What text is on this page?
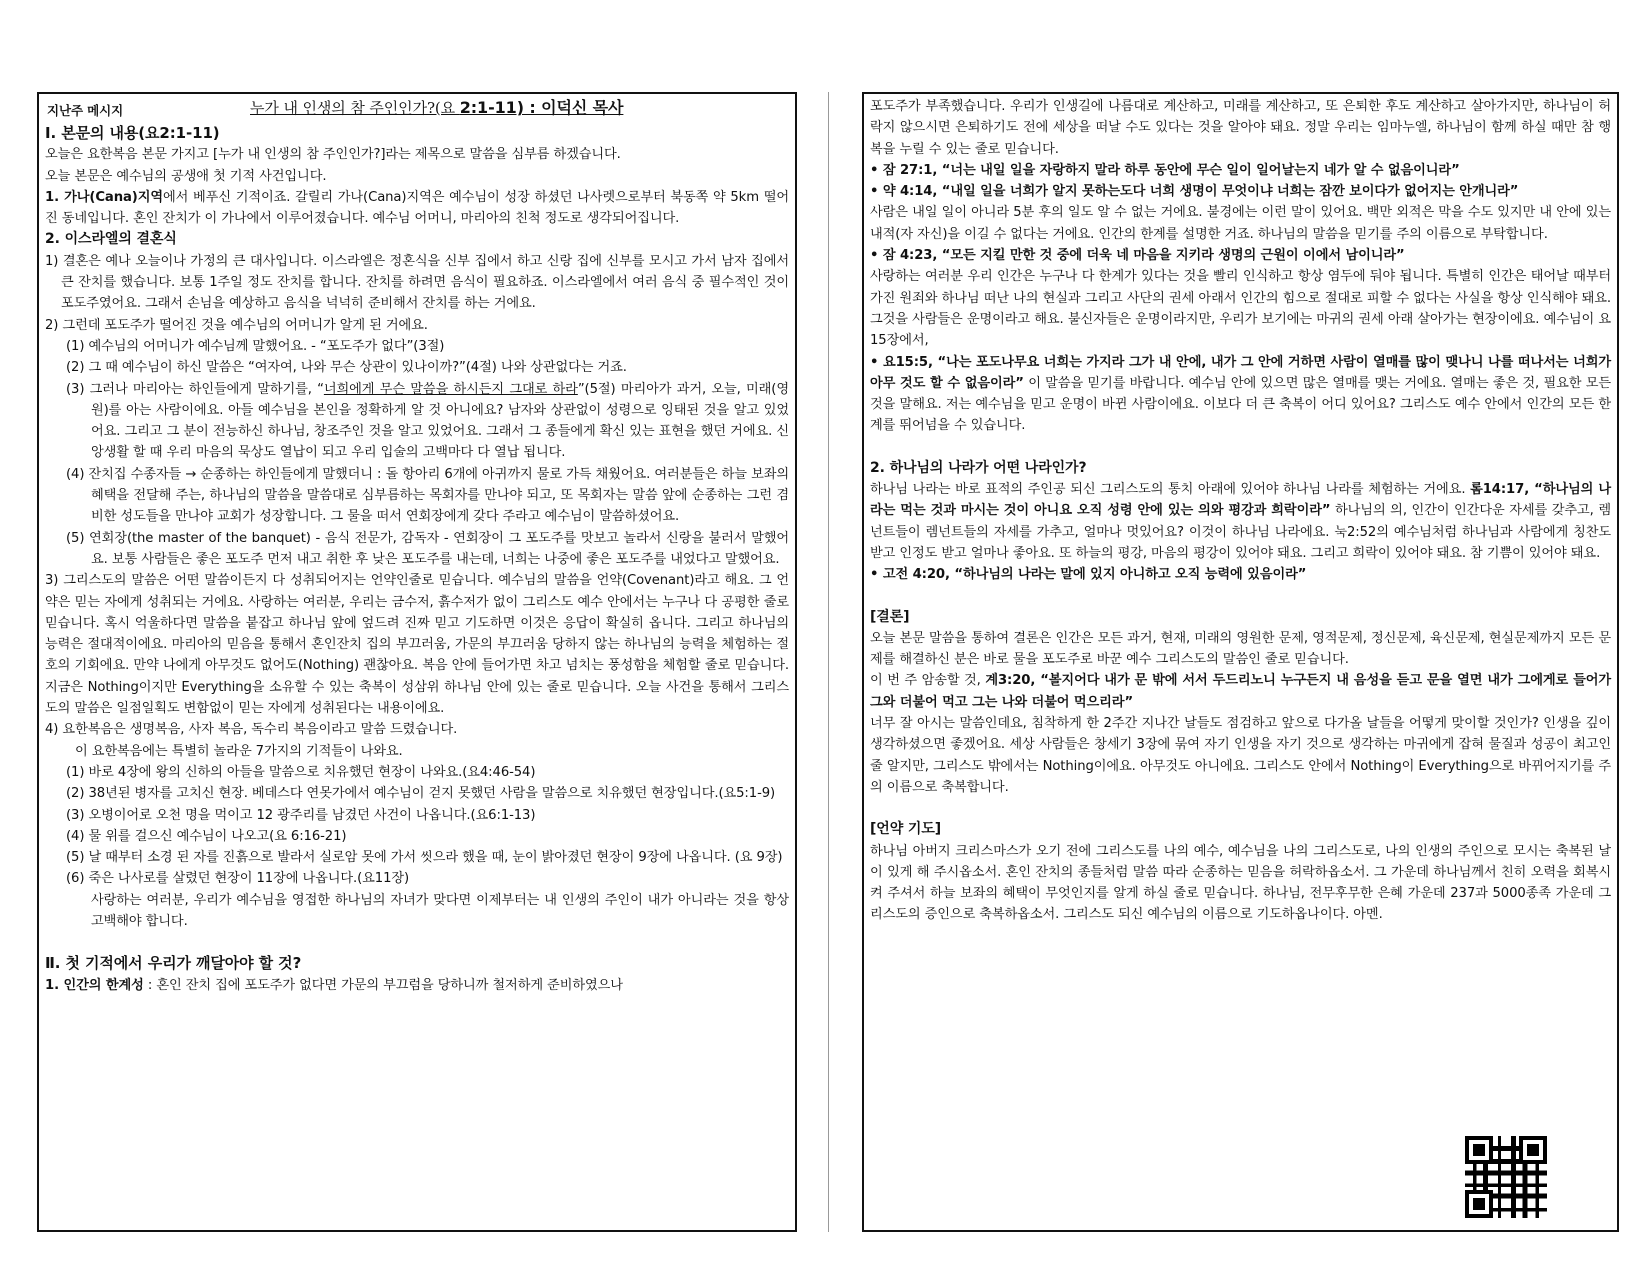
지난주 메시지	누가 내 인생의 참 주인인가?(요 2:1-11) : 이덕신 목사

Ⅰ. 본문의 내용(요2:1-11)

오늘은 요한복음 본문 가지고 [누가 내 인생의 참 주인인가?]라는 제목으로 말씀을 심부름 하겠습니다.

오늘 본문은 예수님의 공생애 첫 기적 사건입니다.

1. 가나(Cana)지역에서 베푸신 기적이죠. 갈릴리 가나(Cana)지역은 예수님이 성장 하셨던 나사렛으로부터 북동쪽 약 5km 떨어진 동네입니다. 혼인 잔치가 이 가나에서 이루어졌습니다. 예수님 어머니, 마리아의 친척 정도로 생각되어집니다.

2. 이스라엘의 결혼식

1) 결혼은 예나 오늘이나 가정의 큰 대사입니다. 이스라엘은 정혼식을 신부 집에서 하고 신랑 집에 신부를 모시고 가서 남자 집에서 큰 잔치를 했습니다. 보통 1주일 정도 잔치를 합니다. 잔치를 하려면 음식이 필요하죠. 이스라엘에서 여러 음식 중 필수적인 것이 포도주였어요. 그래서 손님을 예상하고 음식을 넉넉히 준비해서 잔치를 하는 거에요.

2) 그런데 포도주가 떨어진 것을 예수님의 어머니가 알게 된 거에요.

(1) 예수님의 어머니가 예수님께 말했어요. - “포도주가 없다”(3절)

(2) 그 때 예수님이 하신 말씀은 “여자여, 나와 무슨 상관이 있나이까?”(4절) 나와 상관없다는 거죠.

(3) 그러나 마리아는 하인들에게 말하기를, “너희에게 무슨 말씀을 하시든지 그대로 하라”(5절) 마리아가 과거, 오늘, 미래(영원)를 아는 사람이에요. 아들 예수님을 본인을 정확하게 알 것 아니에요? 남자와 상관없이 성령으로 잉태된 것을 알고 있었어요. 그리고 그 분이 전능하신 하나님, 창조주인 것을 알고 있었어요. 그래서 그 종들에게 확신 있는 표현을 했던 거에요. 신앙생활 할 때 우리 마음의 묵상도 열납이 되고 우리 입술의 고백마다 다 열납 됩니다.

(4) 잔치집 수종자들 → 순종하는 하인들에게 말했더니 : 돌 항아리 6개에 아귀까지 물로 가득 채웠어요. 여러분들은 하늘 보좌의 혜택을 전달해 주는, 하나님의 말씀을 말씀대로 심부름하는 목회자를 만나야 되고, 또 목회자는 말씀 앞에 순종하는 그런 겸비한 성도들을 만나야 교회가 성장합니다. 그 물을 떠서 연회장에게 갖다 주라고 예수님이 말씀하셨어요.

(5) 연회장(the master of the banquet) - 음식 전문가, 감독자 - 연회장이 그 포도주를 맛보고 놀라서 신랑을 불러서 말했어요. 보통 사람들은 좋은 포도주 먼저 내고 취한 후 낮은 포도주를 내는데, 너희는 나중에 좋은 포도주를 내었다고 말했어요.

3) 그리스도의 말씀은 어떤 말씀이든지 다 성취되어지는 언약인줄로 믿습니다. 예수님의 말씀을 언약(Covenant)라고 해요. 그 언약은 믿는 자에게 성취되는 거에요. 사랑하는 여러분, 우리는 금수저, 흙수저가 없이 그리스도 예수 안에서는 누구나 다 공평한 줄로 믿습니다. 혹시 억울하다면 말씀을 붙잡고 하나님 앞에 엎드려 진짜 믿고 기도하면 이것은 응답이 확실히 옵니다. 그리고 하나님의 능력은 절대적이에요. 마리아의 믿음을 통해서 혼인잔치 집의 부끄러움, 가문의 부끄러움 당하지 않는 하나님의 능력을 체험하는 절호의 기회에요. 만약 나에게 아무것도 없어도(Nothing) 괜찮아요. 복음 안에 들어가면 차고 넘치는 풍성함을 체험할 줄로 믿습니다. 지금은 Nothing이지만 Everything을 소유할 수 있는 축복이 성삼위 하나님 안에 있는 줄로 믿습니다. 오늘 사건을 통해서 그리스도의 말씀은 일점일획도 변함없이 믿는 자에게 성취된다는 내용이에요.

4) 요한복음은 생명복음, 사자 복음, 독수리 복음이라고 말씀 드렸습니다.

이 요한복음에는 특별히 놀라운 7가지의 기적들이 나와요.

(1) 바로 4장에 왕의 신하의 아들을 말씀으로 치유했던 현장이 나와요.(요4:46-54)

(2) 38년된 병자를 고치신 현장. 베데스다 연못가에서 예수님이 걷지 못했던 사람을 말씀으로 치유했던 현장입니다.(요5:1-9)

(3) 오병이어로 오천 명을 먹이고 12 광주리를 남겼던 사건이 나옵니다.(요6:1-13)

(4) 물 위를 걸으신 예수님이 나오고(요 6:16-21)

(5) 날 때부터 소경 된 자를 진흙으로 발라서 실로암 못에 가서 씻으라 했을 때, 눈이 밝아졌던 현장이 9장에 나옵니다. (요 9장)

(6) 죽은 나사로를 살렸던 현장이 11장에 나옵니다.(요11장)

사랑하는 여러분, 우리가 예수님을 영접한 하나님의 자녀가 맞다면 이제부터는 내 인생의 주인이 내가 아니라는 것을 항상 고백해야 합니다.

Ⅱ. 첫 기적에서 우리가 깨달아야 할 것?

1. 인간의 한계성 : 혼인 잔치 집에 포도주가 없다면 가문의 부끄럼을 당하니까 철저하게 준비하였으나

포도주가 부족했습니다. 우리가 인생길에 나름대로 계산하고, 미래를 계산하고, 또 은퇴한 후도 계산하고 살아가지만, 하나님이 허락지 않으시면 은퇴하기도 전에 세상을 떠날 수도 있다는 것을 알아야 돼요. 정말 우리는 임마누엘, 하나님이 함께 하실 때만 참 행복을 누릴 수 있는 줄로 믿습니다.

• 잠 27:1, “너는 내일 일을 자랑하지 말라 하루 동안에 무슨 일이 일어날는지 네가 알 수 없음이니라”

• 약 4:14, “내일 일을 너희가 알지 못하는도다 너희 생명이 무엇이냐 너희는 잠깐 보이다가 없어지는 안개니라”

사람은 내일 일이 아니라 5분 후의 일도 알 수 없는 거에요. 불경에는 이런 말이 있어요. 백만 외적은 막을 수도 있지만 내 안에 있는 내적(자 자신)을 이길 수 없다는 거에요. 인간의 한계를 설명한 거죠. 하나님의 말씀을 믿기를 주의 이름으로 부탁합니다.

• 잠 4:23, “모든 지킬 만한 것 중에 더욱 네 마음을 지키라 생명의 근원이 이에서 남이니라”

사랑하는 여러분 우리 인간은 누구나 다 한계가 있다는 것을 빨리 인식하고 항상 염두에 둬야 됩니다. 특별히 인간은 태어날 때부터 가진 원죄와 하나님 떠난 나의 현실과 그리고 사단의 권세 아래서 인간의 힘으로 절대로 피할 수 없다는 사실을 항상 인식해야 돼요. 그것을 사람들은 운명이라고 해요. 불신자들은 운명이라지만, 우리가 보기에는 마귀의 권세 아래 살아가는 현장이에요. 예수님이 요15장에서,

• 요15:5, “나는 포도나무요 너희는 가지라 그가 내 안에, 내가 그 안에 거하면 사람이 열매를 많이 맺나니 나를 떠나서는 너희가 아무 것도 할 수 없음이라” 이 말씀을 믿기를 바랍니다. 예수님 안에 있으면 많은 열매를 맺는 거에요. 열매는 좋은 것, 필요한 모든 것을 말해요. 저는 예수님을 믿고 운명이 바뀐 사람이에요. 이보다 더 큰 축복이 어디 있어요? 그리스도 예수 안에서 인간의 모든 한계를 뛰어넘을 수 있습니다.

2. 하나님의 나라가 어떤 나라인가?

하나님 나라는 바로 표적의 주인공 되신 그리스도의 통치 아래에 있어야 하나님 나라를 체험하는 거에요. 롬14:17, “하나님의 나라는 먹는 것과 마시는 것이 아니요 오직 성령 안에 있는 의와 평강과 희락이라” 하나님의 의, 인간이 인간다운 자세를 갖추고, 렘넌트들이 렘넌트들의 자세를 가추고, 얼마나 멋있어요? 이것이 하나님 나라에요. 눅2:52의 예수님처럼 하나님과 사람에게 칭찬도 받고 인정도 받고 얼마나 좋아요. 또 하늘의 평강, 마음의 평강이 있어야 돼요. 그리고 희락이 있어야 돼요. 참 기쁨이 있어야 돼요.

• 고전 4:20, “하나님의 나라는 말에 있지 아니하고 오직 능력에 있음이라”

[결론]

오늘 본문 말씀을 통하여 결론은 인간은 모든 과거, 현재, 미래의 영원한 문제, 영적문제, 정신문제, 육신문제, 현실문제까지 모든 문제를 해결하신 분은 바로 물을 포도주로 바꾼 예수 그리스도의 말씀인 줄로 믿습니다.

이 번 주 암송할 것, 계3:20, “볼지어다 내가 문 밖에 서서 두드리노니 누구든지 내 음성을 듣고 문을 열면 내가 그에게로 들어가 그와 더불어 먹고 그는 나와 더불어 먹으리라”

너무 잘 아시는 말씀인데요, 침착하게 한 2주간 지나간 날들도 점검하고 앞으로 다가올 날들을 어떻게 맞이할 것인가? 인생을 깊이 생각하셨으면 좋겠어요. 세상 사람들은 창세기 3장에 묶여 자기 인생을 자기 것으로 생각하는 마귀에게 잡혀 물질과 성공이 최고인 줄 알지만, 그리스도 밖에서는 Nothing이에요. 아무것도 아니에요. 그리스도 안에서 Nothing이 Everything으로 바뀌어지기를 주의 이름으로 축복합니다.

[언약 기도]

하나님 아버지 크리스마스가 오기 전에 그리스도를 나의 예수, 예수님을 나의 그리스도로, 나의 인생의 주인으로 모시는 축복된 날이 있게 해 주시옵소서. 혼인 잔치의 종들처럼 말씀 따라 순종하는 믿음을 허락하옵소서. 그 가운데 하나님께서 친히 오력을 회복시켜 주셔서 하늘 보좌의 혜택이 무엇인지를 알게 하실 줄로 믿습니다. 하나님, 전무후무한 은혜 가운데 237과 5000종족 가운데 그리스도의 증인으로 축복하옵소서. 그리스도 되신 예수님의 이름으로 기도하옵나이다. 아멘.
